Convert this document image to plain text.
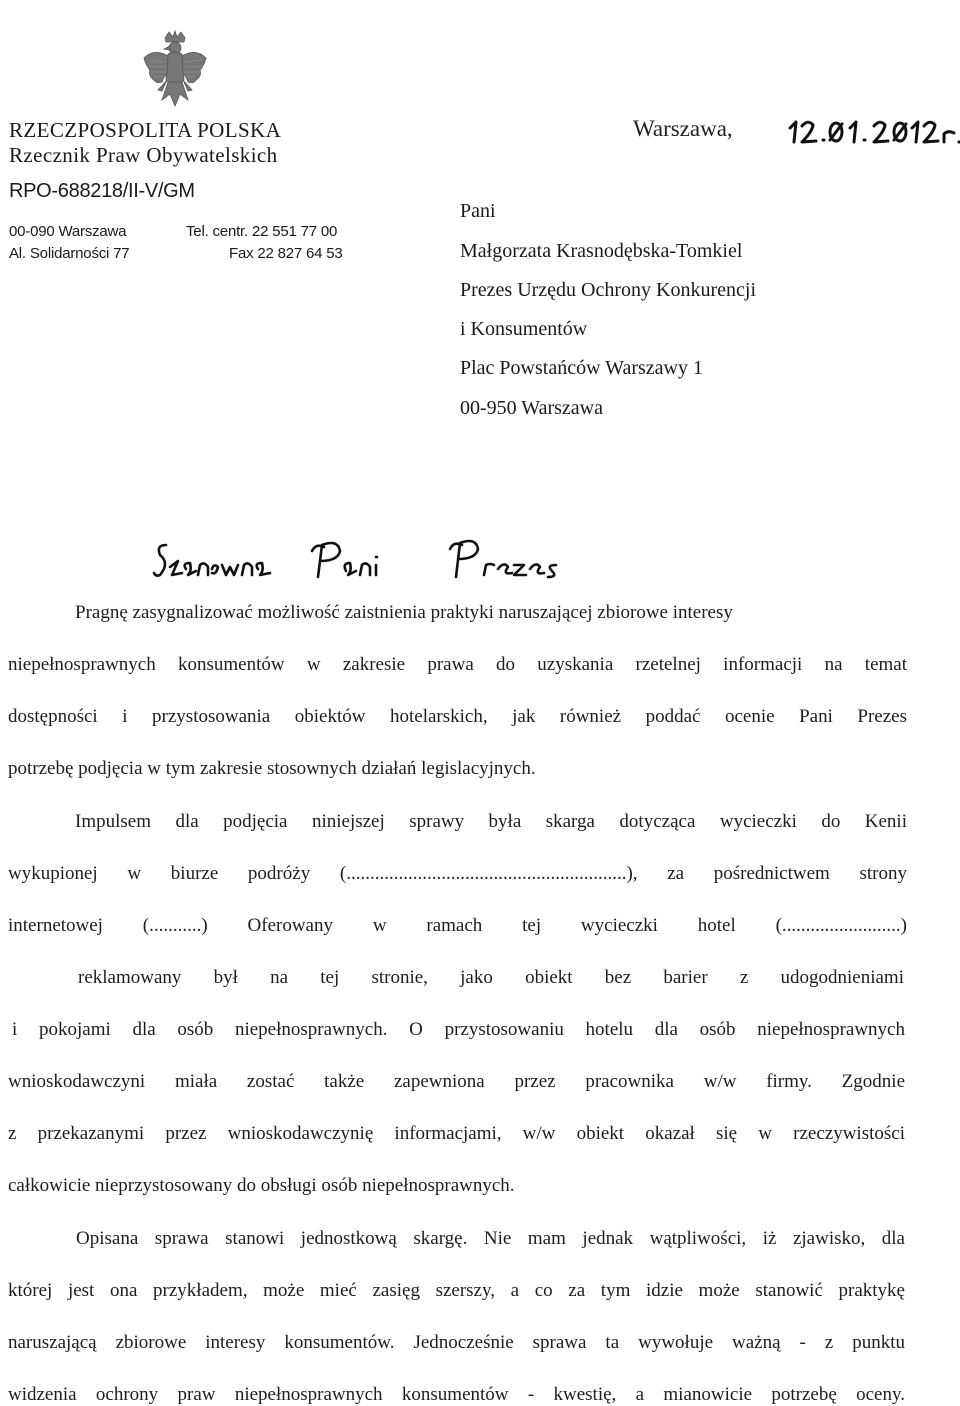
RZECZPOSPOLITA POLSKA
Rzecznik Praw Obywatelskich
RPO-688218/II-V/GM
00-090 Warszawa
Al. Solidarności 77
Tel. centr. 22 551 77 00
Fax 22 827 64 53
Warszawa,
Pani
Małgorzata Krasnodębska-Tomkiel
Prezes Urzędu Ochrony Konkurencji
i Konsumentów
Plac Powstańców Warszawy 1
00-950 Warszawa
Pragnę zasygnalizować możliwość zaistnienia praktyki naruszającej zbiorowe interesy
niepełnosprawnych konsumentów w zakresie prawa do uzyskania rzetelnej informacji na temat
dostępności i przystosowania obiektów hotelarskich, jak również poddać ocenie Pani Prezes
potrzebę podjęcia w tym zakresie stosownych działań legislacyjnych.
Impulsem dla podjęcia niniejszej sprawy była skarga dotycząca wycieczki do Kenii
wykupionej w biurze podróży (...........................................................), za pośrednictwem strony
internetowej (...........) Oferowany w ramach tej wycieczki hotel (.........................)
reklamowany był na tej stronie, jako obiekt bez barier z udogodnieniami
i pokojami dla osób niepełnosprawnych. O przystosowaniu hotelu dla osób niepełnosprawnych
wnioskodawczyni miała zostać także zapewniona przez pracownika w/w firmy. Zgodnie
z przekazanymi przez wnioskodawczynię informacjami, w/w obiekt okazał się w rzeczywistości
całkowicie nieprzystosowany do obsługi osób niepełnosprawnych.
Opisana sprawa stanowi jednostkową skargę. Nie mam jednak wątpliwości, iż zjawisko, dla
której jest ona przykładem, może mieć zasięg szerszy, a co za tym idzie może stanowić praktykę
naruszającą zbiorowe interesy konsumentów. Jednocześnie sprawa ta wywołuje ważną - z punktu
widzenia ochrony praw niepełnosprawnych konsumentów - kwestię, a mianowicie potrzebę oceny.
